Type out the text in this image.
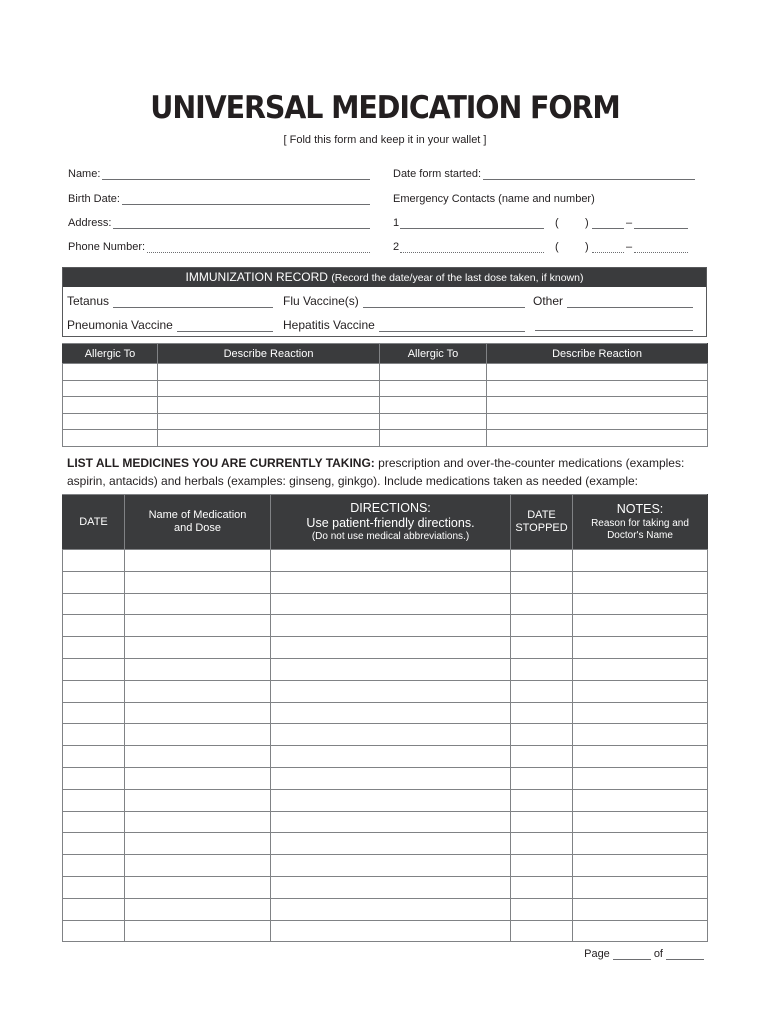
UNIVERSAL MEDICATION FORM
[ Fold this form and keep it in your wallet ]
Name:
Birth Date:
Address:
Phone Number:
Date form started:
Emergency Contacts (name and number)
1	( )	–
2	( )	–
IMMUNIZATION RECORD (Record the date/year of the last dose taken, if known)
Tetanus	Flu Vaccine(s)	Other
Pneumonia Vaccine	Hepatitis Vaccine
Allergic To	Describe Reaction	Allergic To	Describe Reaction

LIST ALL MEDICINES YOU ARE CURRENTLY TAKING: prescription and over-the-counter medications (examples: aspirin, antacids) and herbals (examples: ginseng, ginkgo). Include medications taken as needed (example:
DATE	Name of Medication
and Dose	DIRECTIONS:
Use patient-friendly directions.
(Do not use medical abbreviations.)	DATE
STOPPED	NOTES:
Reason for taking and
Doctor's Name

Page	of
